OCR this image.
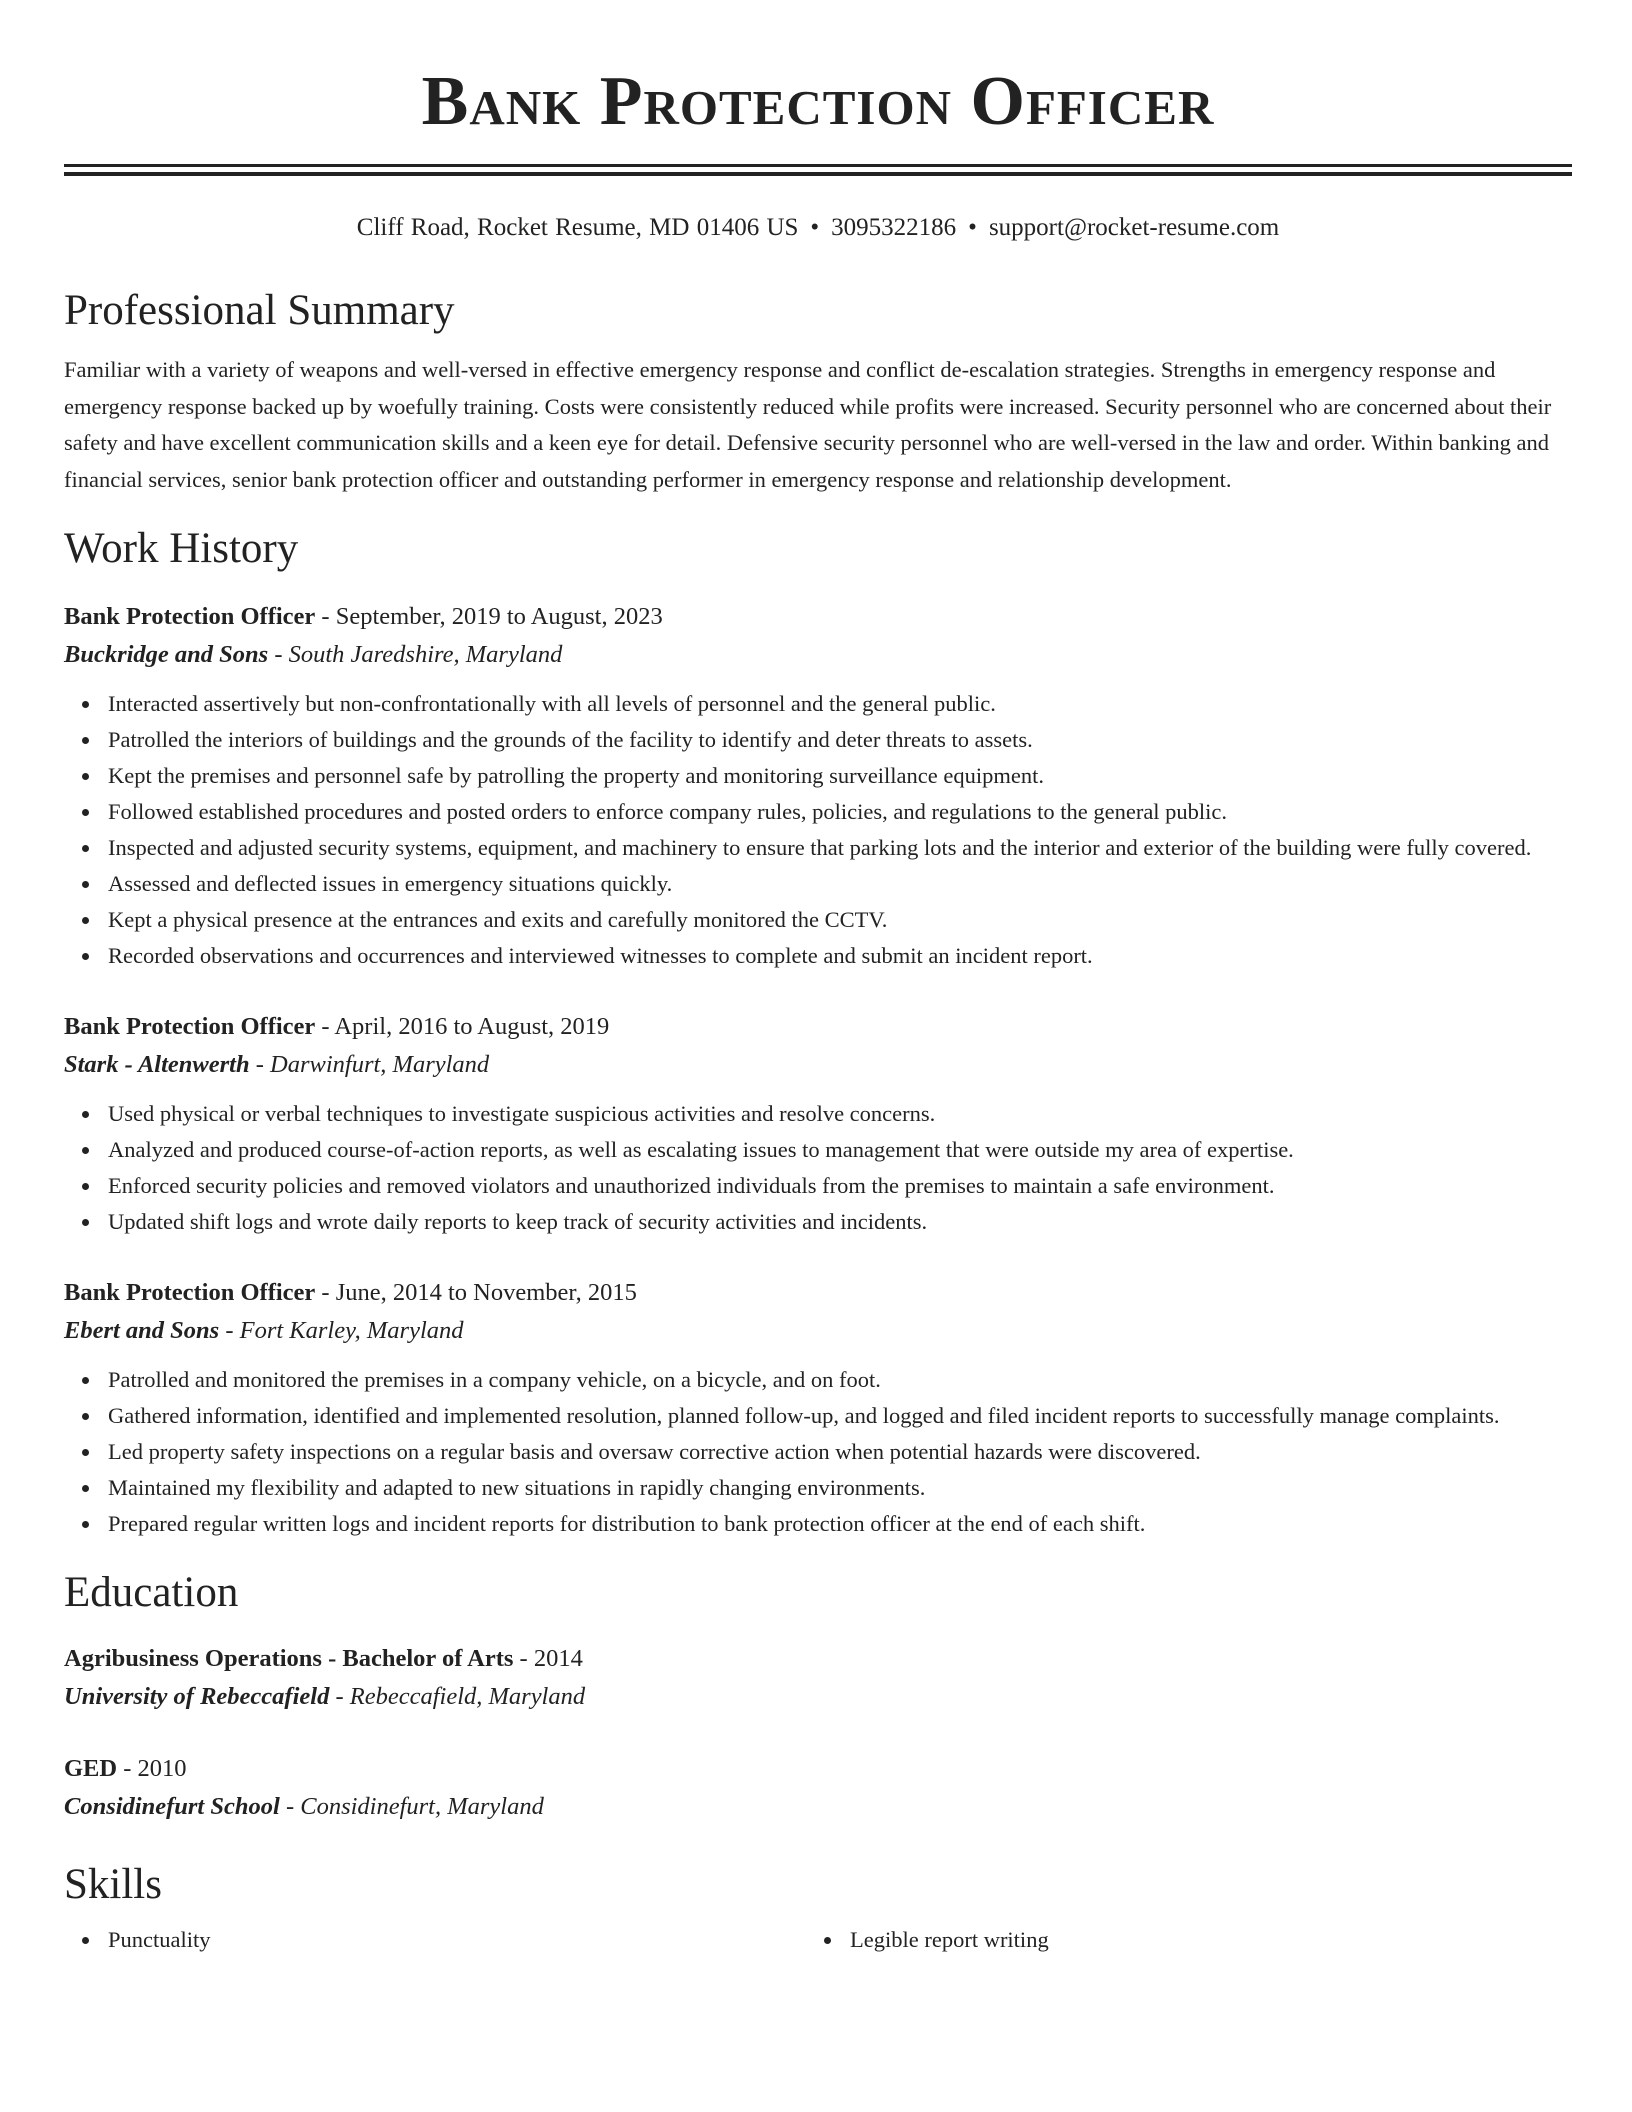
Bank Protection Officer
Cliff Road, Rocket Resume, MD 01406 US • 3095322186 • support@rocket-resume.com
Professional Summary
Familiar with a variety of weapons and well-versed in effective emergency response and conflict de-escalation strategies. Strengths in emergency response and emergency response backed up by woefully training. Costs were consistently reduced while profits were increased. Security personnel who are concerned about their safety and have excellent communication skills and a keen eye for detail. Defensive security personnel who are well-versed in the law and order. Within banking and financial services, senior bank protection officer and outstanding performer in emergency response and relationship development.
Work History
Bank Protection Officer - September, 2019 to August, 2023
Buckridge and Sons - South Jaredshire, Maryland
Interacted assertively but non-confrontationally with all levels of personnel and the general public.
Patrolled the interiors of buildings and the grounds of the facility to identify and deter threats to assets.
Kept the premises and personnel safe by patrolling the property and monitoring surveillance equipment.
Followed established procedures and posted orders to enforce company rules, policies, and regulations to the general public.
Inspected and adjusted security systems, equipment, and machinery to ensure that parking lots and the interior and exterior of the building were fully covered.
Assessed and deflected issues in emergency situations quickly.
Kept a physical presence at the entrances and exits and carefully monitored the CCTV.
Recorded observations and occurrences and interviewed witnesses to complete and submit an incident report.
Bank Protection Officer - April, 2016 to August, 2019
Stark - Altenwerth - Darwinfurt, Maryland
Used physical or verbal techniques to investigate suspicious activities and resolve concerns.
Analyzed and produced course-of-action reports, as well as escalating issues to management that were outside my area of expertise.
Enforced security policies and removed violators and unauthorized individuals from the premises to maintain a safe environment.
Updated shift logs and wrote daily reports to keep track of security activities and incidents.
Bank Protection Officer - June, 2014 to November, 2015
Ebert and Sons - Fort Karley, Maryland
Patrolled and monitored the premises in a company vehicle, on a bicycle, and on foot.
Gathered information, identified and implemented resolution, planned follow-up, and logged and filed incident reports to successfully manage complaints.
Led property safety inspections on a regular basis and oversaw corrective action when potential hazards were discovered.
Maintained my flexibility and adapted to new situations in rapidly changing environments.
Prepared regular written logs and incident reports for distribution to bank protection officer at the end of each shift.
Education
Agribusiness Operations - Bachelor of Arts - 2014
University of Rebeccafield - Rebeccafield, Maryland
GED - 2010
Considinefurt School - Considinefurt, Maryland
Skills
Punctuality	Legible report writing
